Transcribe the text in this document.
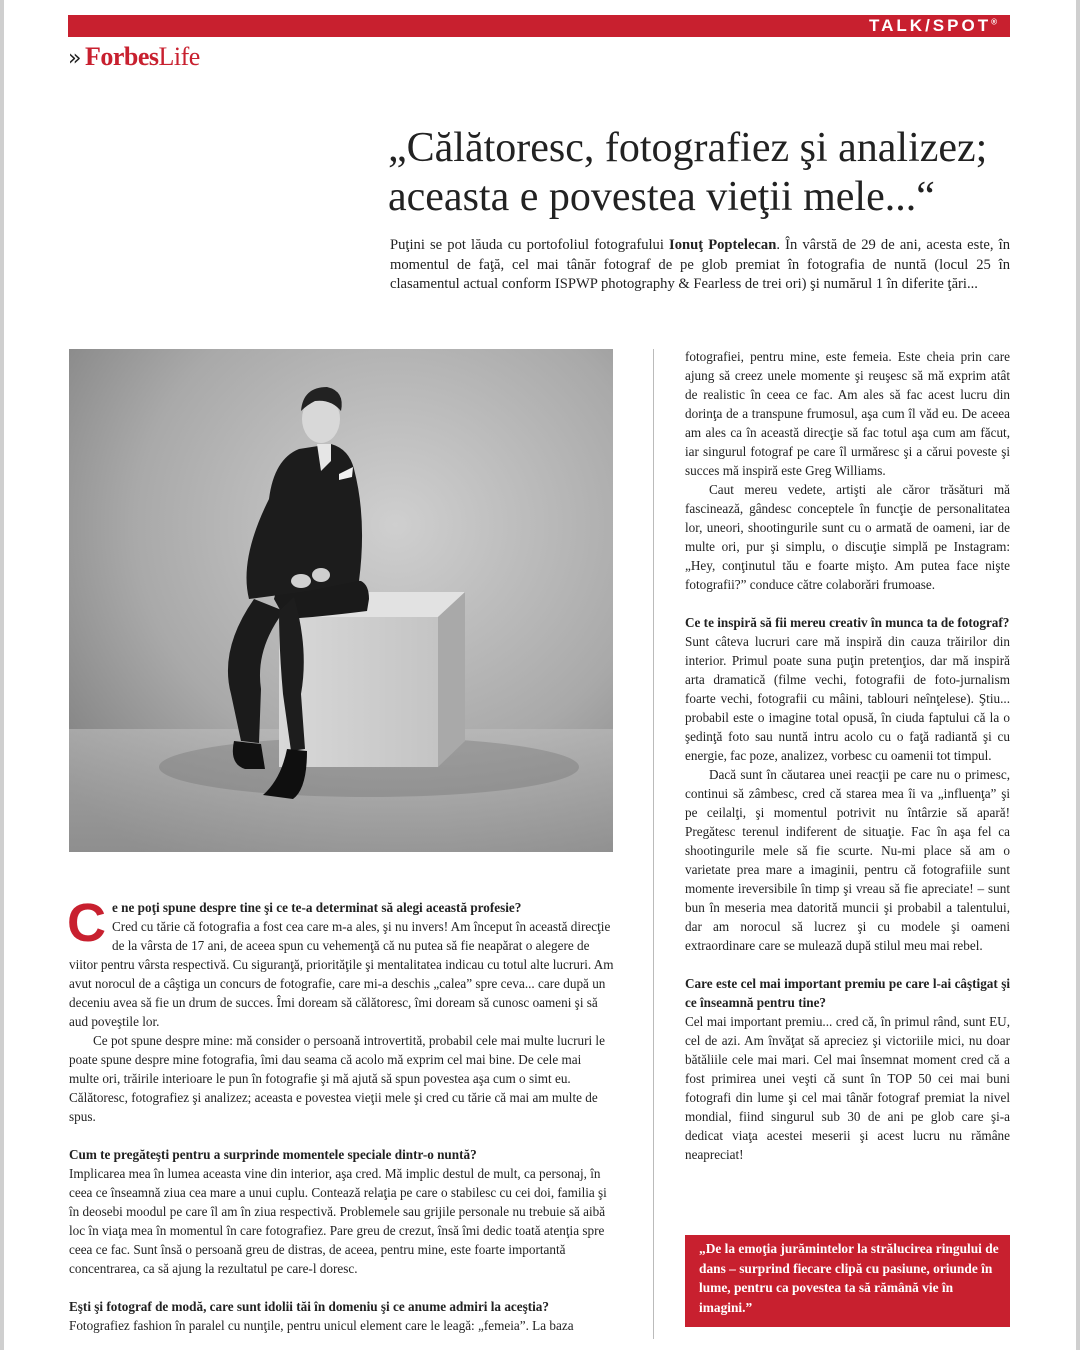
TALK/SPOT®
» ForbesLife
„Călătoresc, fotografiez şi analizez;
aceasta e povestea vieţii mele...“
Puţini se pot lăuda cu portofoliul fotografului Ionuţ Poptelecan. În vârstă de 29 de ani, acesta este, în momentul de faţă, cel mai tânăr fotograf de pe glob premiat în fotografia de nuntă (locul 25 în clasamentul actual conform ISPWP photography & Fearless de trei ori) şi numărul 1 în diferite ţări...

Ce ne poţi spune despre tine şi ce te-a determinat să alegi această profesie?

Cred cu tărie că fotografia a fost cea care m-a ales, şi nu invers! Am început în această direcţie de la vârsta de 17 ani, de aceea spun cu vehemenţă că nu putea să fie neapărat o alegere de viitor pentru vârsta respectivă. Cu siguranţă, priorităţile şi mentalitatea indicau cu totul alte lucruri. Am avut norocul de a câştiga un concurs de fotografie, care mi-a deschis „calea” spre ceva... care după un deceniu avea să fie un drum de succes. Îmi doream să călătoresc, îmi doream să cunosc oameni şi să aud poveştile lor.

Ce pot spune despre mine: mă consider o persoană introvertită, probabil cele mai multe lucruri le poate spune despre mine fotografia, îmi dau seama că acolo mă exprim cel mai bine. De cele mai multe ori, trăirile interioare le pun în fotografie şi mă ajută să spun povestea aşa cum o simt eu. Călătoresc, fotografiez şi analizez; aceasta e povestea vieţii mele şi cred cu tărie că mai am multe de spus.

Cum te pregăteşti pentru a surprinde momentele speciale dintr-o nuntă?

Implicarea mea în lumea aceasta vine din interior, aşa cred. Mă implic destul de mult, ca personaj, în ceea ce înseamnă ziua cea mare a unui cuplu. Contează relaţia pe care o stabilesc cu cei doi, familia şi în deosebi moodul pe care îl am în ziua respectivă. Problemele sau grijile personale nu trebuie să aibă loc în viaţa mea în momentul în care fotografiez. Pare greu de crezut, însă îmi dedic toată atenţia spre ceea ce fac. Sunt însă o persoană greu de distras, de aceea, pentru mine, este foarte importantă concentrarea, ca să ajung la rezultatul pe care-l doresc.

Eşti şi fotograf de modă, care sunt idolii tăi în domeniu şi ce anume admiri la aceştia?

Fotografiez fashion în paralel cu nunţile, pentru unicul element care le leagă: „femeia”. La baza

fotografiei, pentru mine, este femeia. Este cheia prin care ajung să creez unele momente şi reuşesc să mă exprim atât de realistic în ceea ce fac. Am ales să fac acest lucru din dorinţa de a transpune frumosul, aşa cum îl văd eu. De aceea am ales ca în această direcţie să fac totul aşa cum am făcut, iar singurul fotograf pe care îl urmăresc şi a cărui poveste şi succes mă inspiră este Greg Williams.

Caut mereu vedete, artişti ale căror trăsături mă fascinează, gândesc conceptele în funcţie de personalitatea lor, uneori, shootingurile sunt cu o armată de oameni, iar de multe ori, pur şi simplu, o discuţie simplă pe Instagram: „Hey, conţinutul tău e foarte mişto. Am putea face nişte fotografii?” conduce către colaborări frumoase.

Ce te inspiră să fii mereu creativ în munca ta de fotograf?

Sunt câteva lucruri care mă inspiră din cauza trăirilor din interior. Primul poate suna puţin pretenţios, dar mă inspiră arta dramatică (filme vechi, fotografii de foto-jurnalism foarte vechi, fotografii cu mâini, tablouri neînţelese). Ştiu... probabil este o imagine total opusă, în ciuda faptului că la o şedinţă foto sau nuntă intru acolo cu o faţă radiantă şi cu energie, fac poze, analizez, vorbesc cu oamenii tot timpul.

Dacă sunt în căutarea unei reacţii pe care nu o primesc, continui să zâmbesc, cred că starea mea îi va „influenţa” şi pe ceilalţi, şi momentul potrivit nu întârzie să apară! Pregătesc terenul indiferent de situaţie. Fac în aşa fel ca shootingurile mele să fie scurte. Nu-mi place să am o varietate prea mare a imaginii, pentru că fotografiile sunt momente ireversibile în timp şi vreau să fie apreciate! – sunt bun în meseria mea datorită muncii şi probabil a talentului, dar am norocul să lucrez şi cu modele şi oameni extraordinare care se mulează după stilul meu mai rebel.

Care este cel mai important premiu pe care l-ai câştigat şi ce înseamnă pentru tine?

Cel mai important premiu... cred că, în primul rând, sunt EU, cel de azi. Am învăţat să apreciez şi victoriile mici, nu doar bătăliile cele mai mari. Cel mai însemnat moment cred că a fost primirea unei veşti că sunt în TOP 50 cei mai buni fotografi din lume şi cel mai tânăr fotograf premiat la nivel mondial, fiind singurul sub 30 de ani pe glob care şi-a dedicat viaţa acestei meserii şi acest lucru nu rămâne neapreciat!

„De la emoţia jurămintelor la strălucirea ringului de dans – surprind fiecare clipă cu pasiune, oriunde în lume, pentru ca povestea ta să rămână vie în imagini.”
